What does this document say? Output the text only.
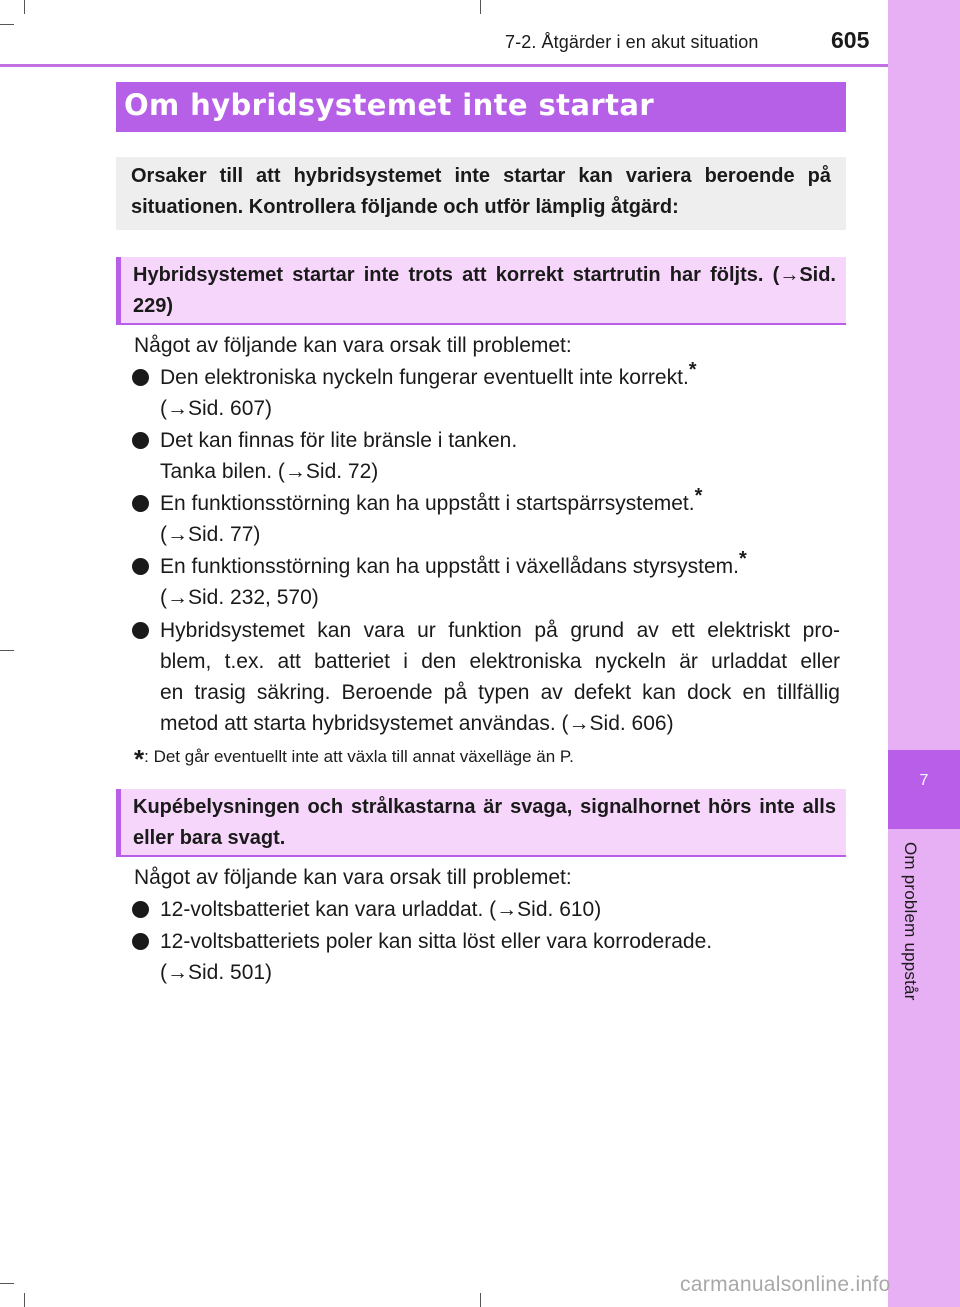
7
Om problem uppstår
7-2. Åtgärder i en akut situation	605
Om hybridsystemet inte startar
Orsaker till att hybridsystemet inte startar kan variera beroende på situationen. Kontrollera följande och utför lämplig åtgärd:
Hybridsystemet startar inte trots att korrekt startrutin har följts. (→Sid. 229)
Något av följande kan vara orsak till problemet:
Den elektroniska nyckeln fungerar eventuellt inte korrekt.*
(→Sid. 607)
Det kan finnas för lite bränsle i tanken.
Tanka bilen. (→Sid. 72)
En funktionsstörning kan ha uppstått i startspärrsystemet.*
(→Sid. 77)
En funktionsstörning kan ha uppstått i växellådans styrsystem.*
(→Sid. 232, 570)
Hybridsystemet kan vara ur funktion på grund av ett elektriskt pro-
blem, t.ex. att batteriet i den elektroniska nyckeln är urladdat eller
en trasig säkring. Beroende på typen av defekt kan dock en tillfällig
metod att starta hybridsystemet användas. (→Sid. 606)
*: Det går eventuellt inte att växla till annat växelläge än P.
Kupébelysningen och strålkastarna är svaga, signalhornet hörs inte alls eller bara svagt.
Något av följande kan vara orsak till problemet:
12-voltsbatteriet kan vara urladdat. (→Sid. 610)
12-voltsbatteriets poler kan sitta löst eller vara korroderade.
(→Sid. 501)
carmanualsonline.info
